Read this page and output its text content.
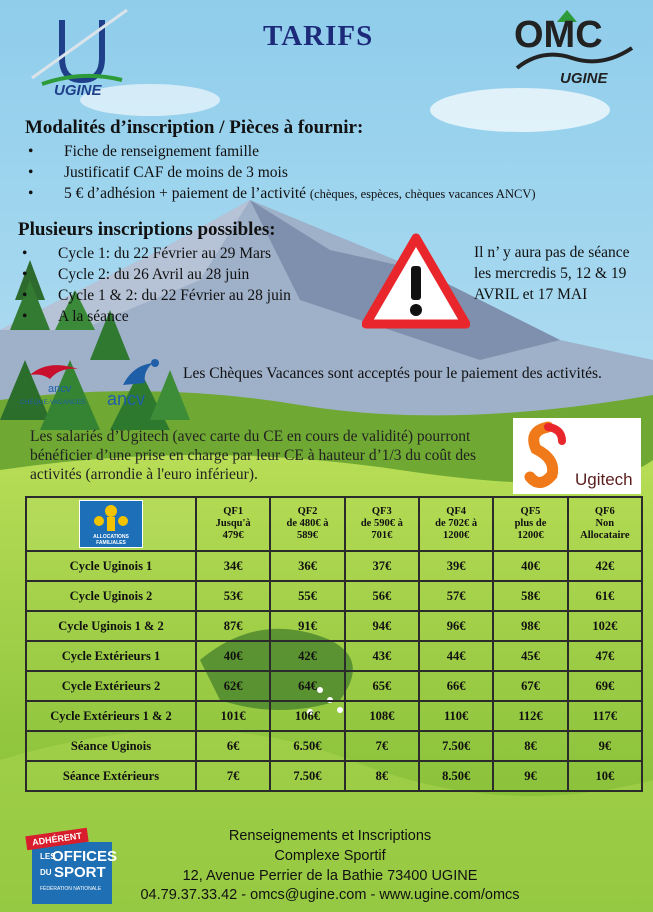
UGINE
TARIFS	OMC
UGINE
Modalités d’inscription / Pièces à fournir:
• Fiche de renseignement famille
• Justificatif CAF de moins de 3 mois
• 5 € d’adhésion + paiement de l’activité (chèques, espèces, chèques vacances ANCV)
Plusieurs inscriptions possibles:
• Cycle 1: du 22 Février au 29 Mars
• Cycle 2: du 26 Avril au 28 juin
• Cycle 1 & 2: du 22 Février au 28 juin
• A la séance
Il n’ y aura pas de séance les mercredis 5, 12 & 19 AVRIL et 17 MAI
ancv
CHEQUE-VACANCES ancv
Les Chèques Vacances sont acceptés pour le paiement des activités.
Les salariés d’Ugitech (avec carte du CE en cours de validité) pourront bénéficier d’une prise en charge par leur CE à hauteur d’1/3 du coût des activités (arrondie à l'euro inférieur).	Ugitech
ALLOCATIONS FAMILIALES	QF1
Jusqu'à
479€	QF2
de 480€ à
589€	QF3
de 590€ à
701€	QF4
de 702€ à
1200€	QF5
plus de
1200€	QF6
Non
Allocataire
Cycle Uginois 1	34€	36€	37€	39€	40€	42€
Cycle Uginois 2	53€	55€	56€	57€	58€	61€
Cycle Uginois 1 & 2	87€	91€	94€	96€	98€	102€
Cycle Extérieurs 1	40€	42€	43€	44€	45€	47€
Cycle Extérieurs 2	62€	64€	65€	66€	67€	69€
Cycle Extérieurs 1 & 2	101€	106€	108€	110€	112€	117€
Séance Uginois	6€	6.50€	7€	7.50€	8€	9€
Séance Extérieurs	7€	7.50€	8€	8.50€	9€	10€
ADHÉRENT
LES
OFFICES
DU SPORT
FÉDÉRATION NATIONALE
Renseignements et Inscriptions
Complexe Sportif
12, Avenue Perrier de la Bathie 73400 UGINE
04.79.37.33.42 - omcs@ugine.com - www.ugine.com/omcs
